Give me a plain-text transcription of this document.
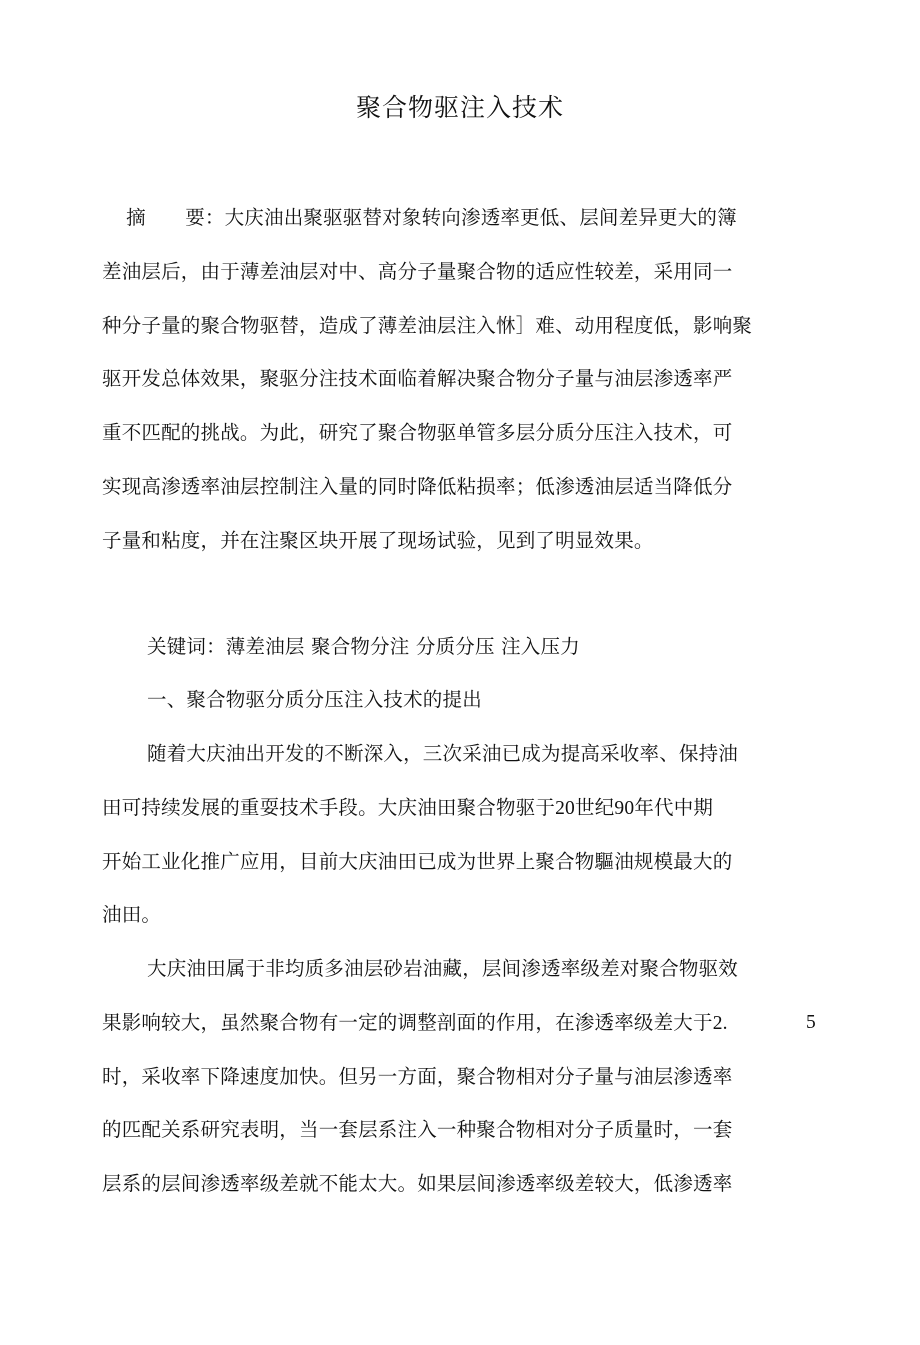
聚合物驱注入技术
　 摘　　要：大庆油出聚驱驱替对象转向渗透率更低、层间差异更大的簿
差油层后，由于薄差油层对中、高分子量聚合物的适应性较差，采用同一
种分子量的聚合物驱替，造成了薄差油层注入恘］难、动用程度低，影响聚
驱开发总体效果，聚驱分注技术面临着解决聚合物分子量与油层渗透率严
重不匹配的挑战。为此，研究了聚合物驱单管多层分质分压注入技术，可
实现高渗透率油层控制注入量的同时降低粘损率；低渗透油层适当降低分
子量和粘度，并在注聚区块开展了现场试验，见到了明显效果。
关键词：薄差油层 聚合物分注 分质分压 注入压力
一、聚合物驱分质分压注入技术的提出
随着大庆油出开发的不断深入，三次采油已成为提高采收率、保持油
田可持续发展的重耍技术手段。大庆油田聚合物驱于20世纪90年代中期
开始工业化推广应用，目前大庆油田已成为世界上聚合物驅油规模最大的
油田。
大庆油田属于非均质多油层砂岩油藏，层间渗透率级差对聚合物驱效
果影响较大，虽然聚合物有一定的调整剖面的作用，在渗透率级差大于2.	5
时，采收率下降速度加快。但另一方面，聚合物相对分子量与油层渗透率
的匹配关系研究表明，当一套层系注入一种聚合物相对分子质量时，一套
层系的层间渗透率级差就不能太大。如果层间渗透率级差较大，低渗透率
